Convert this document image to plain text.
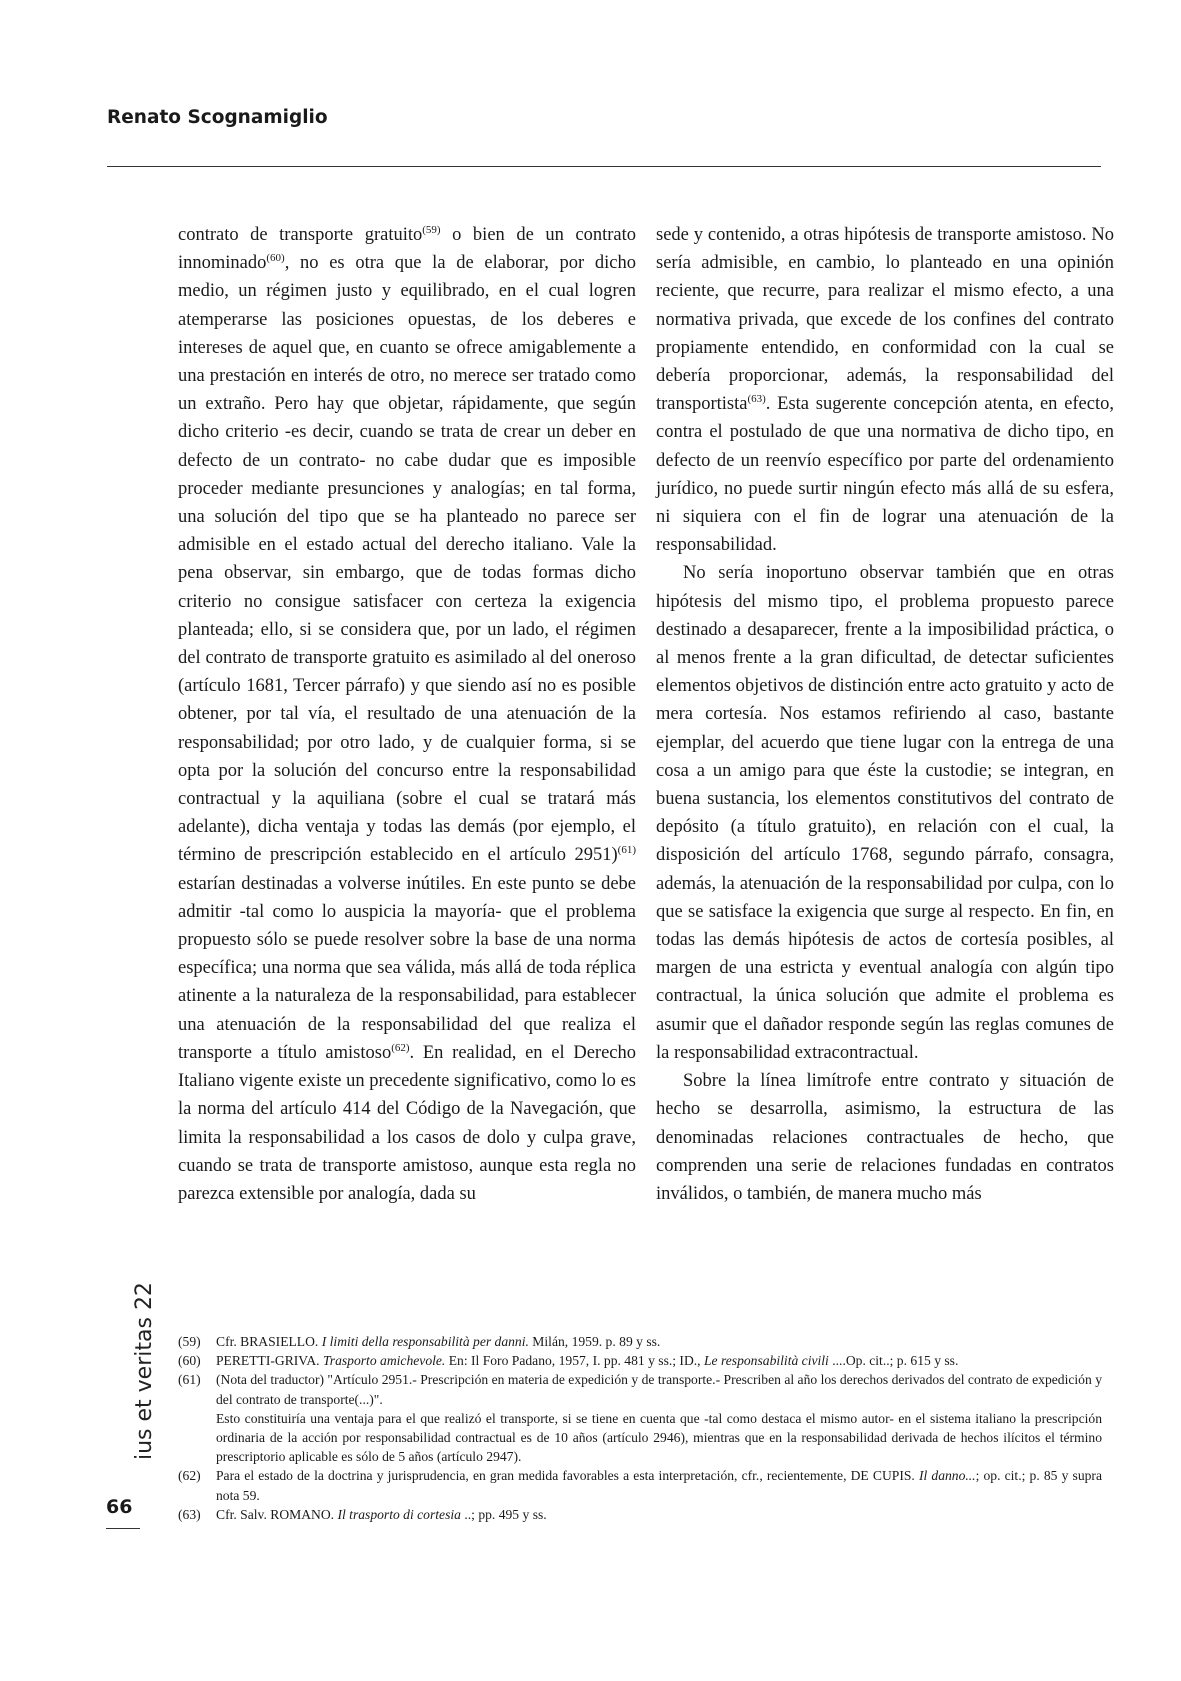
Renato Scognamiglio

contrato de transporte gratuito$^{(59)}$ o bien de un contrato innominado$^{(60)}$, no es otra que la de elaborar, por dicho medio, un régimen justo y equilibrado, en el cual logren atemperarse las posiciones opuestas, de los deberes e intereses de aquel que, en cuanto se ofrece amigablemente a una prestación en interés de otro, no merece ser tratado como un extraño. Pero hay que objetar, rápidamente, que según dicho criterio -es decir, cuando se trata de crear un deber en defecto de un contrato- no cabe dudar que es imposible proceder mediante presunciones y analogías; en tal forma, una solución del tipo que se ha planteado no parece ser admisible en el estado actual del derecho italiano. Vale la pena observar, sin embargo, que de todas formas dicho criterio no consigue satisfacer con certeza la exigencia planteada; ello, si se considera que, por un lado, el régimen del contrato de transporte gratuito es asimilado al del oneroso (artículo 1681, Tercer párrafo) y que siendo así no es posible obtener, por tal vía, el resultado de una atenuación de la responsabilidad; por otro lado, y de cualquier forma, si se opta por la solución del concurso entre la responsabilidad contractual y la aquiliana (sobre el cual se tratará más adelante), dicha ventaja y todas las demás (por ejemplo, el término de prescripción establecido en el artículo 2951)$^{(61)}$ estarían destinadas a volverse inútiles. En este punto se debe admitir -tal como lo auspicia la mayoría- que el problema propuesto sólo se puede resolver sobre la base de una norma específica; una norma que sea válida, más allá de toda réplica atinente a la naturaleza de la responsabilidad, para establecer una atenuación de la responsabilidad del que realiza el transporte a título amistoso$^{(62)}$. En realidad, en el Derecho Italiano vigente existe un precedente significativo, como lo es la norma del artículo 414 del Código de la Navegación, que limita la responsabilidad a los casos de dolo y culpa grave, cuando se trata de transporte amistoso, aunque esta regla no parezca extensible por analogía, dada su

sede y contenido, a otras hipótesis de transporte amistoso. No sería admisible, en cambio, lo planteado en una opinión reciente, que recurre, para realizar el mismo efecto, a una normativa privada, que excede de los confines del contrato propiamente entendido, en conformidad con la cual se debería proporcionar, además, la responsabilidad del transportista$^{(63)}$. Esta sugerente concepción atenta, en efecto, contra el postulado de que una normativa de dicho tipo, en defecto de un reenvío específico por parte del ordenamiento jurídico, no puede surtir ningún efecto más allá de su esfera, ni siquiera con el fin de lograr una atenuación de la responsabilidad.

No sería inoportuno observar también que en otras hipótesis del mismo tipo, el problema propuesto parece destinado a desaparecer, frente a la imposibilidad práctica, o al menos frente a la gran dificultad, de detectar suficientes elementos objetivos de distinción entre acto gratuito y acto de mera cortesía. Nos estamos refiriendo al caso, bastante ejemplar, del acuerdo que tiene lugar con la entrega de una cosa a un amigo para que éste la custodie; se integran, en buena sustancia, los elementos constitutivos del contrato de depósito (a título gratuito), en relación con el cual, la disposición del artículo 1768, segundo párrafo, consagra, además, la atenuación de la responsabilidad por culpa, con lo que se satisface la exigencia que surge al respecto. En fin, en todas las demás hipótesis de actos de cortesía posibles, al margen de una estricta y eventual analogía con algún tipo contractual, la única solución que admite el problema es asumir que el dañador responde según las reglas comunes de la responsabilidad extracontractual.

Sobre la línea limítrofe entre contrato y situación de hecho se desarrolla, asimismo, la estructura de las denominadas relaciones contractuales de hecho, que comprenden una serie de relaciones fundadas en contratos inválidos, o también, de manera mucho más

ius et veritas 22
66
(59)	Cfr. BRASIELLO. I limiti della responsabilità per danni. Milán, 1959. p. 89 y ss.
(60)	PERETTI-GRIVA. Trasporto amichevole. En: Il Foro Padano, 1957, I. pp. 481 y ss.; ID., Le responsabilità civili ....Op. cit..; p. 615 y ss.
(61)	(Nota del traductor) "Artículo 2951.- Prescripción en materia de expedición y de transporte.- Prescriben al año los derechos derivados del contrato de expedición y del contrato de transporte(...)".
Esto constituiría una ventaja para el que realizó el transporte, si se tiene en cuenta que -tal como destaca el mismo autor- en el sistema italiano la prescripción ordinaria de la acción por responsabilidad contractual es de 10 años (artículo 2946), mientras que en la responsabilidad derivada de hechos ilícitos el término prescriptorio aplicable es sólo de 5 años (artículo 2947).
(62)	Para el estado de la doctrina y jurisprudencia, en gran medida favorables a esta interpretación, cfr., recientemente, DE CUPIS. Il danno...; op. cit.; p. 85 y supra nota 59.
(63)	Cfr. Salv. ROMANO. Il trasporto di cortesia ..; pp. 495 y ss.
